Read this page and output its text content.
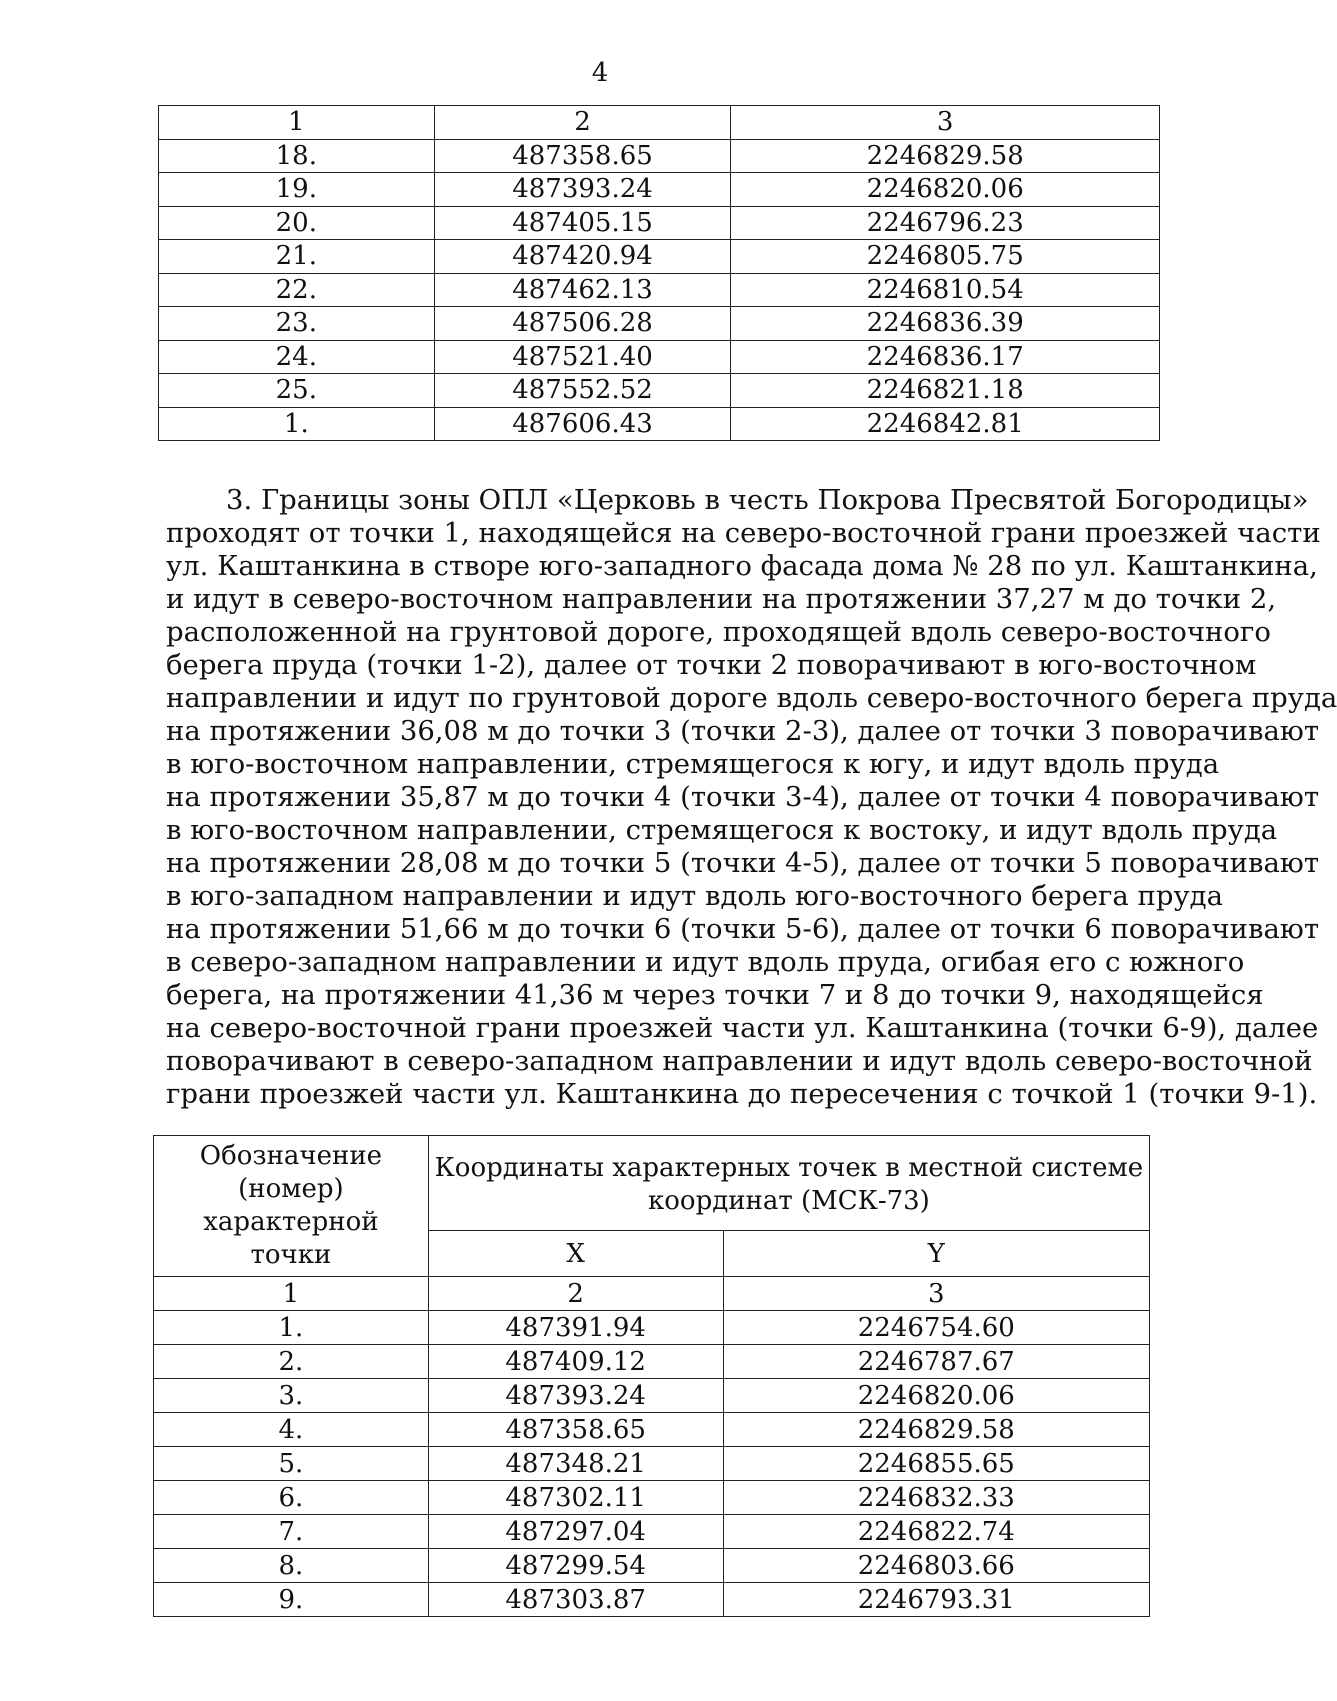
4
1	2	3
18.	487358.65	2246829.58
19.	487393.24	2246820.06
20.	487405.15	2246796.23
21.	487420.94	2246805.75
22.	487462.13	2246810.54
23.	487506.28	2246836.39
24.	487521.40	2246836.17
25.	487552.52	2246821.18
1.	487606.43	2246842.81
3. Границы зоны ОПЛ «Церковь в честь Покрова Пресвятой Богородицы»
проходят от точки 1, находящейся на северо-восточной грани проезжей части
ул. Каштанкина в створе юго-западного фасада дома № 28 по ул. Каштанкина,
и идут в северо-восточном направлении на протяжении 37,27 м до точки 2,
расположенной на грунтовой дороге, проходящей вдоль северо-восточного
берега пруда (точки 1-2), далее от точки 2 поворачивают в юго-восточном
направлении и идут по грунтовой дороге вдоль северо-восточного берега пруда
на протяжении 36,08 м до точки 3 (точки 2-3), далее от точки 3 поворачивают
в юго-восточном направлении, стремящегося к югу, и идут вдоль пруда
на протяжении 35,87 м до точки 4 (точки 3-4), далее от точки 4 поворачивают
в юго-восточном направлении, стремящегося к востоку, и идут вдоль пруда
на протяжении 28,08 м до точки 5 (точки 4-5), далее от точки 5 поворачивают
в юго-западном направлении и идут вдоль юго-восточного берега пруда
на протяжении 51,66 м до точки 6 (точки 5-6), далее от точки 6 поворачивают
в северо-западном направлении и идут вдоль пруда, огибая его с южного
берега, на протяжении 41,36 м через точки 7 и 8 до точки 9, находящейся
на северо-восточной грани проезжей части ул. Каштанкина (точки 6-9), далее
поворачивают в северо-западном направлении и идут вдоль северо-восточной
грани проезжей части ул. Каштанкина до пересечения с точкой 1 (точки 9-1).
Обозначение (номер) характерной точки	Координаты характерных точек в местной системе координат (МСК-73)	
	X	Y
1	2	3
1.	487391.94	2246754.60
2.	487409.12	2246787.67
3.	487393.24	2246820.06
4.	487358.65	2246829.58
5.	487348.21	2246855.65
6.	487302.11	2246832.33
7.	487297.04	2246822.74
8.	487299.54	2246803.66
9.	487303.87	2246793.31
